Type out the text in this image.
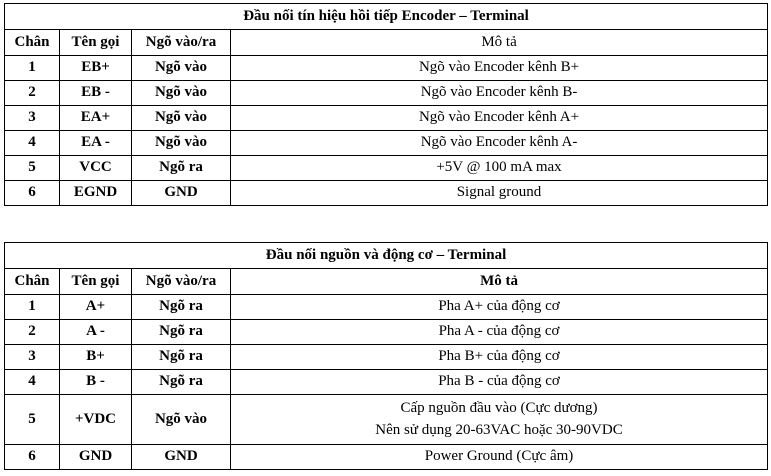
Đầu nối tín hiệu hồi tiếp Encoder – Terminal			
Chân	Tên gọi	Ngõ vào/ra	Mô tả
1	EB+	Ngõ vào	Ngõ vào Encoder kênh B+

2	EB -	Ngõ vào	Ngõ vào Encoder kênh B-

3	EA+	Ngõ vào	Ngõ vào Encoder kênh A+

4	EA -	Ngõ vào	Ngõ vào Encoder kênh A-

5	VCC	Ngõ ra	+5V @ 100 mA max

6	EGND	GND	Signal ground
Đầu nối nguồn và động cơ – Terminal			
Chân	Tên gọi	Ngõ vào/ra	Mô tả
1	A+	Ngõ ra	Pha A+ của động cơ

2	A -	Ngõ ra	Pha A - của động cơ

3	B+	Ngõ ra	Pha B+ của động cơ

4	B -	Ngõ ra	Pha B - của động cơ

5	+VDC	Ngõ vào	Cấp nguồn đầu vào (Cực dương)
Nên sử dụng 20-63VAC hoặc 30-90VDC

6	GND	GND	Power Ground (Cực âm)
